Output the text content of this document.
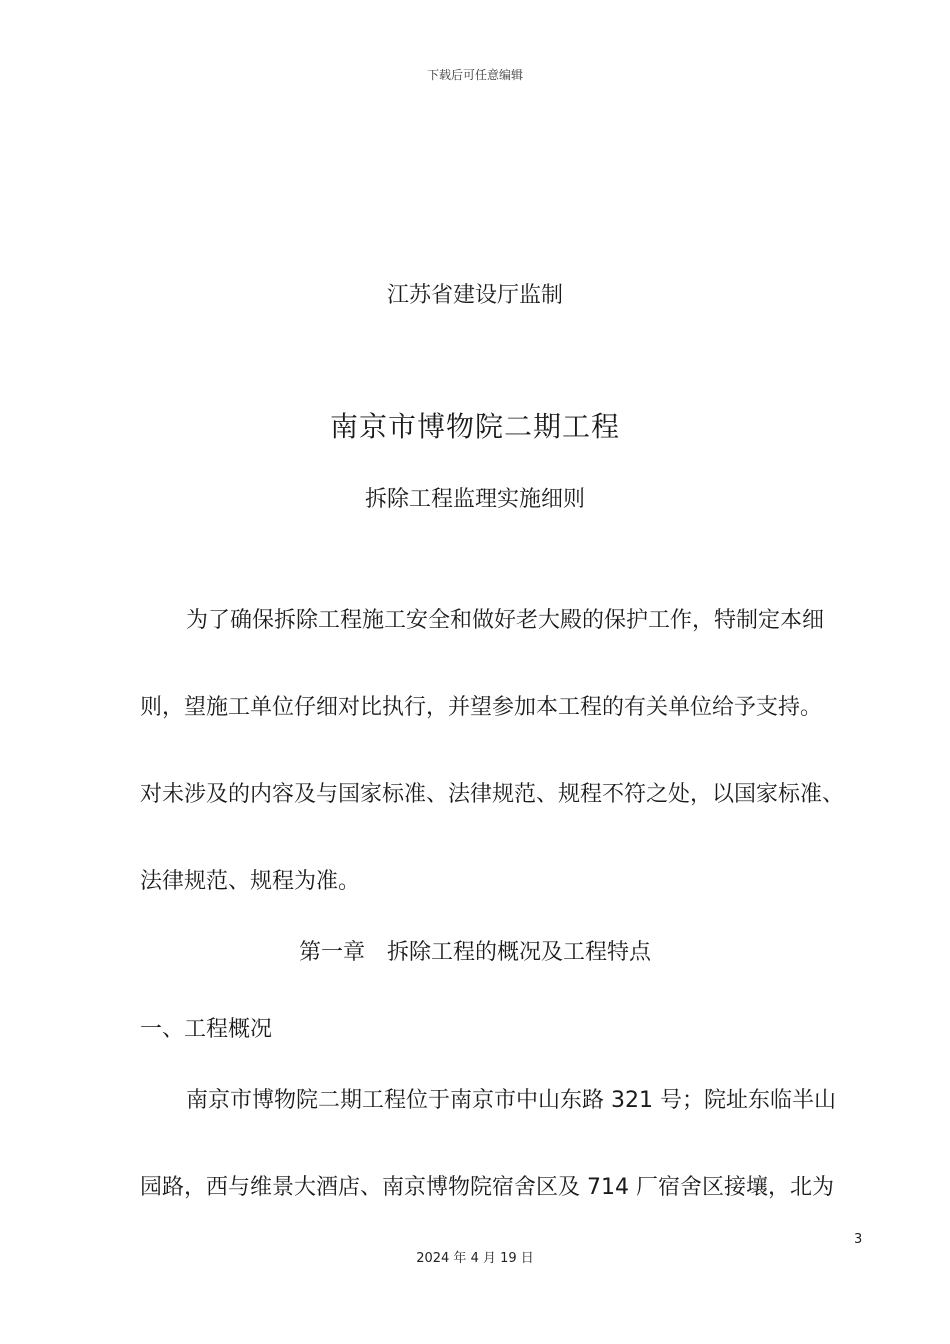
下载后可任意编辑
江苏省建设厅监制
南京市博物院二期工程
拆除工程监理实施细则
为了确保拆除工程施工安全和做好老大殿的保护工作，特制定本细
则，望施工单位仔细对比执行，并望参加本工程的有关单位给予支持。
对未涉及的内容及与国家标准、法律规范、规程不符之处，以国家标准、
法律规范、规程为准。
第一章　拆除工程的概况及工程特点
一、工程概况
南京市博物院二期工程位于南京市中山东路 321 号；院址东临半山
园路，西与维景大酒店、南京博物院宿舍区及 714 厂宿舍区接壤，北为
3
2024 年 4 月 19 日
